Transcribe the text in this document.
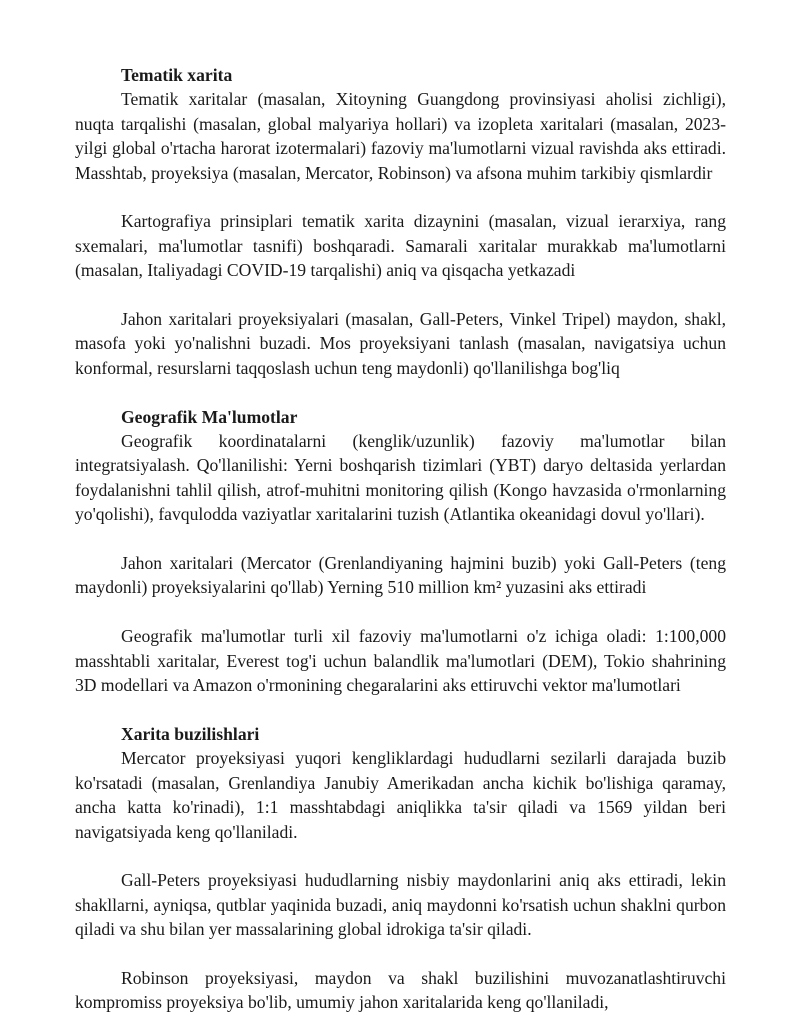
Tematik xarita

Tematik xaritalar (masalan, Xitoyning Guangdong provinsiyasi aholisi zichligi), nuqta tarqalishi (masalan, global malyariya hollari) va izopleta xaritalari (masalan, 2023-yilgi global o'rtacha harorat izotermalari) fazoviy ma'lumotlarni vizual ravishda aks ettiradi. Masshtab, proyeksiya (masalan, Mercator, Robinson) va afsona muhim tarkibiy qismlardir

Kartografiya prinsiplari tematik xarita dizaynini (masalan, vizual ierarxiya, rang sxemalari, ma'lumotlar tasnifi) boshqaradi. Samarali xaritalar murakkab ma'lumotlarni (masalan, Italiyadagi COVID-19 tarqalishi) aniq va qisqacha yetkazadi

Jahon xaritalari proyeksiyalari (masalan, Gall-Peters, Vinkel Tripel) maydon, shakl, masofa yoki yo'nalishni buzadi. Mos proyeksiyani tanlash (masalan, navigatsiya uchun konformal, resurslarni taqqoslash uchun teng maydonli) qo'llanilishga bog'liq

Geografik Ma'lumotlar

Geografik koordinatalarni (kenglik/uzunlik) fazoviy ma'lumotlar bilan integratsiyalash. Qo'llanilishi: Yerni boshqarish tizimlari (YBT) daryo deltasida yerlardan foydalanishni tahlil qilish, atrof-muhitni monitoring qilish (Kongo havzasida o'rmonlarning yo'qolishi), favqulodda vaziyatlar xaritalarini tuzish (Atlantika okeanidagi dovul yo'llari).

Jahon xaritalari (Mercator (Grenlandiyaning hajmini buzib) yoki Gall-Peters (teng maydonli) proyeksiyalarini qo'llab) Yerning 510 million km² yuzasini aks ettiradi

Geografik ma'lumotlar turli xil fazoviy ma'lumotlarni o'z ichiga oladi: 1:100,000 masshtabli xaritalar, Everest tog'i uchun balandlik ma'lumotlari (DEM), Tokio shahrining 3D modellari va Amazon o'rmonining chegaralarini aks ettiruvchi vektor ma'lumotlari

Xarita buzilishlari

Mercator proyeksiyasi yuqori kengliklardagi hududlarni sezilarli darajada buzib ko'rsatadi (masalan, Grenlandiya Janubiy Amerikadan ancha kichik bo'lishiga qaramay, ancha katta ko'rinadi), 1:1 masshtabdagi aniqlikka ta'sir qiladi va 1569 yildan beri navigatsiyada keng qo'llaniladi.

Gall-Peters proyeksiyasi hududlarning nisbiy maydonlarini aniq aks ettiradi, lekin shakllarni, ayniqsa, qutblar yaqinida buzadi, aniq maydonni ko'rsatish uchun shaklni qurbon qiladi va shu bilan yer massalarining global idrokiga ta'sir qiladi.

Robinson proyeksiyasi, maydon va shakl buzilishini muvozanatlashtiruvchi kompromiss proyeksiya bo'lib, umumiy jahon xaritalarida keng qo'llaniladi,
